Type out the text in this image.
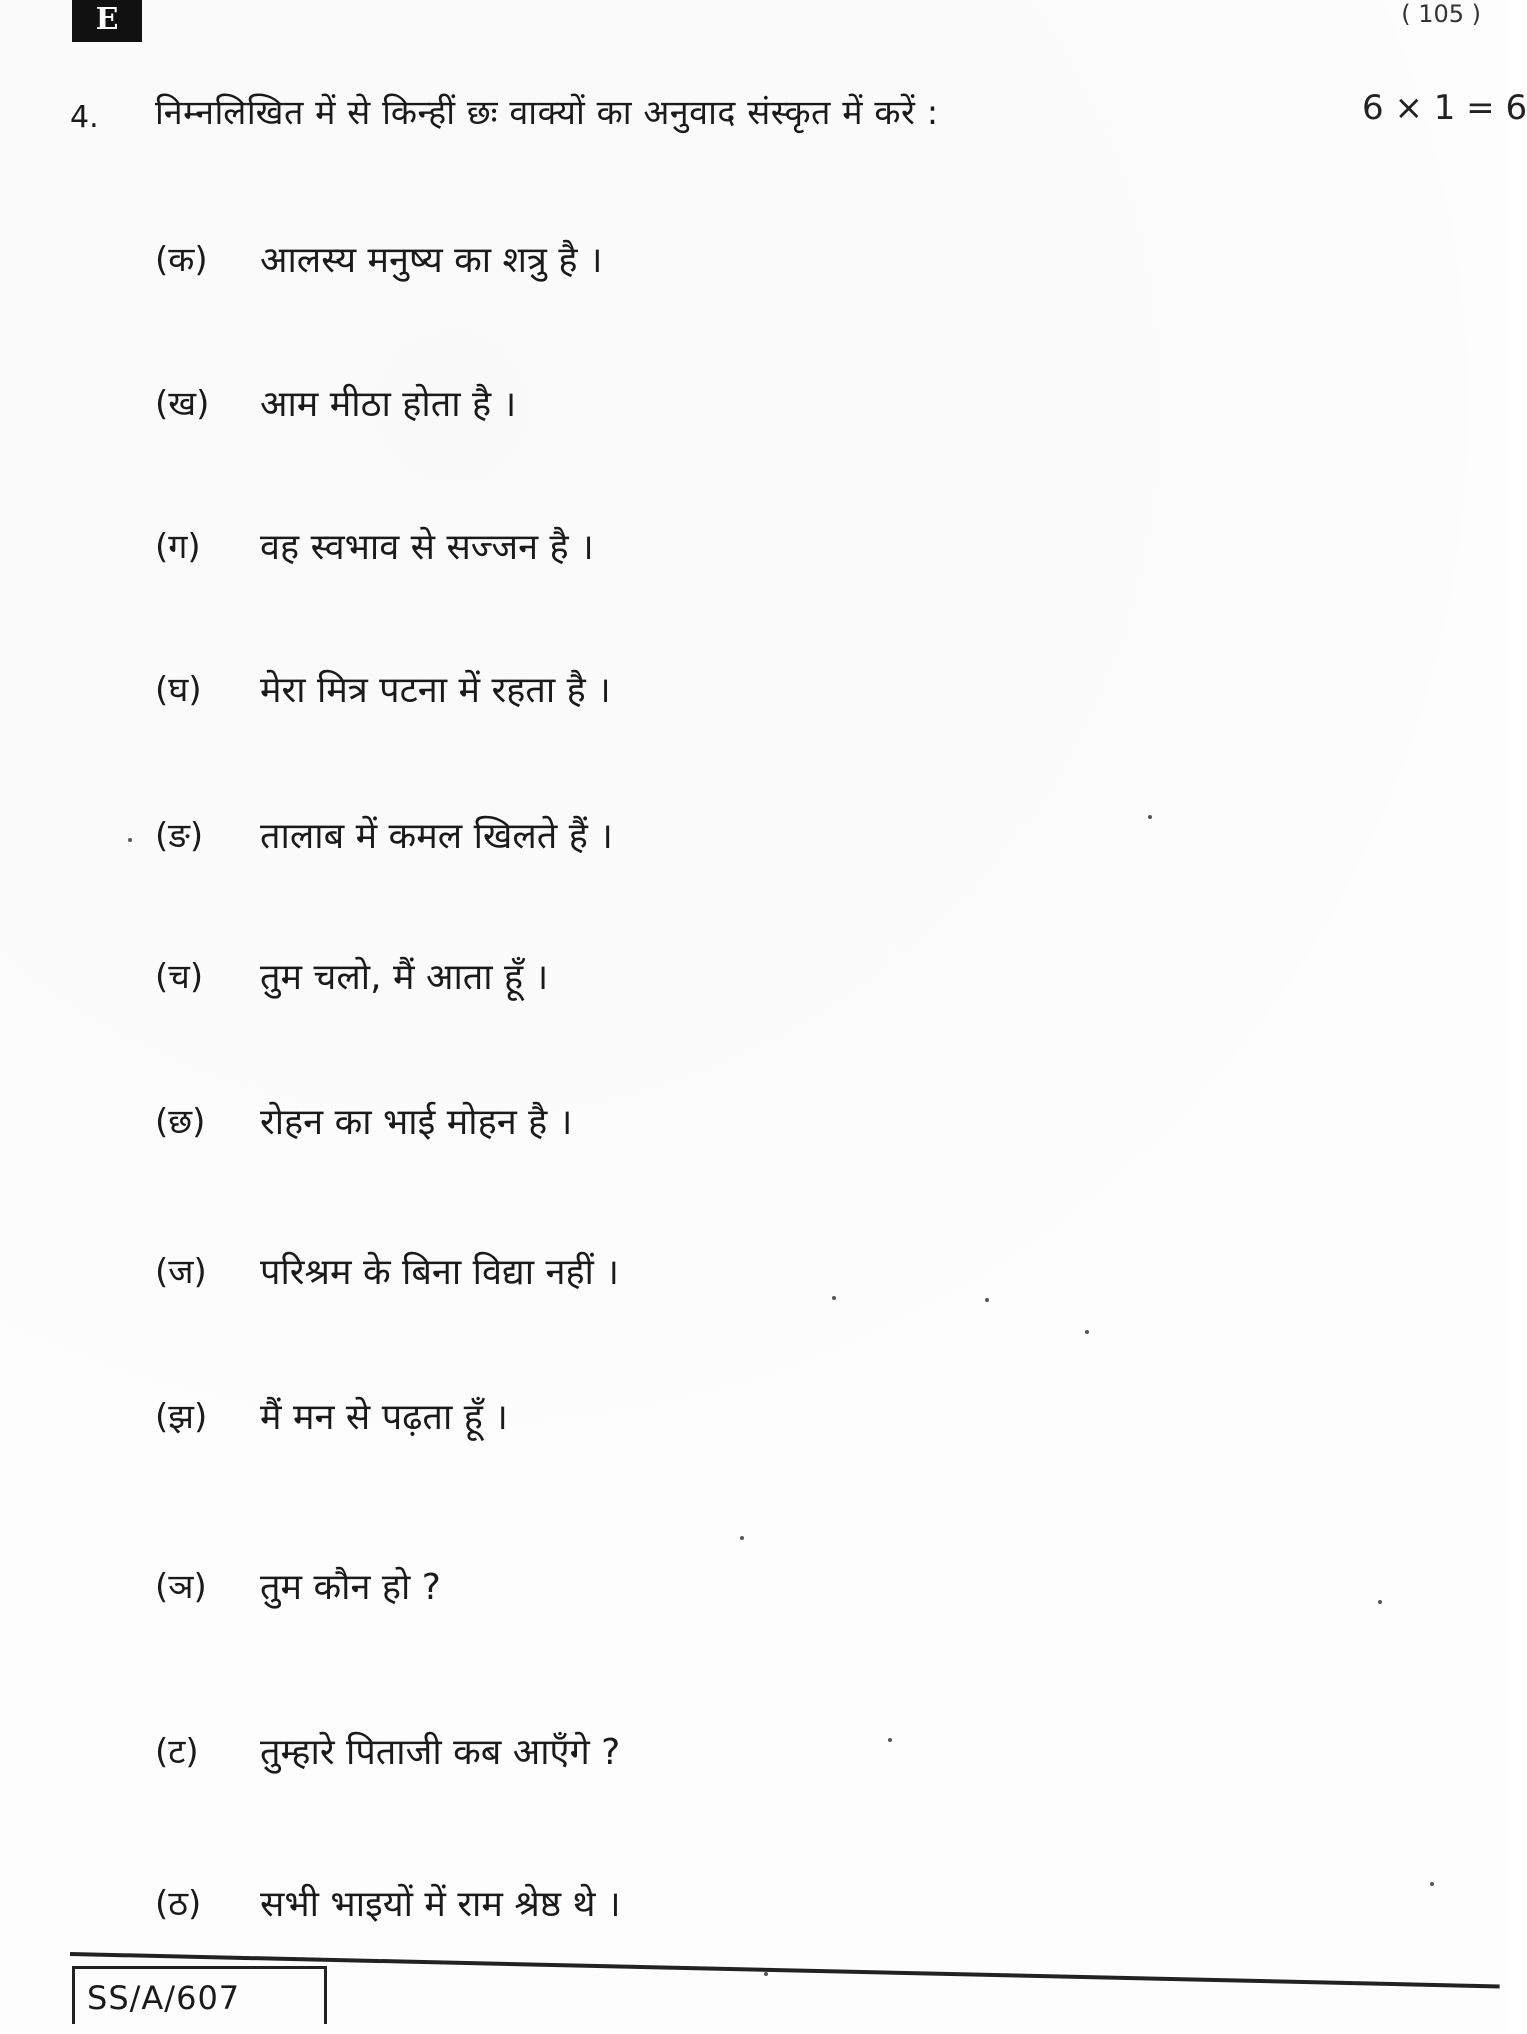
E	( 105 )
4. निम्नलिखित में से किन्हीं छः वाक्यों का अनुवाद संस्कृत में करें :	6 × 1 = 6
(क)	आलस्य मनुष्य का शत्रु है ।
(ख)	आम मीठा होता है ।
(ग)	वह स्वभाव से सज्जन है ।
(घ)	मेरा मित्र पटना में रहता है ।
(ङ)	तालाब में कमल खिलते हैं ।
(च)	तुम चलो, मैं आता हूँ ।
(छ)	रोहन का भाई मोहन है ।
(ज)	परिश्रम के बिना विद्या नहीं ।
(झ)	मैं मन से पढ़ता हूँ ।
(ञ)	तुम कौन हो ?
(ट)	तुम्हारे पिताजी कब आएँगे ?
(ठ)	सभी भाइयों में राम श्रेष्ठ थे ।
SS/A/607
